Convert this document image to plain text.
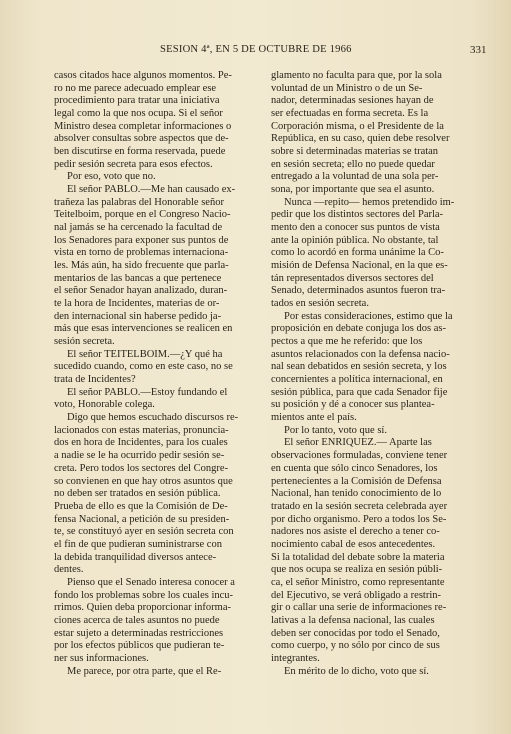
SESION 4ª, EN 5 DE OCTUBRE DE 1966	331
casos citados hace algunos momentos. Pe-
ro no me parece adecuado emplear ese
procedimiento para tratar una iniciativa
legal como la que nos ocupa. Si el señor
Ministro desea completar informaciones o
absolver consultas sobre aspectos que de-
ben discutirse en forma reservada, puede
pedir sesión secreta para esos efectos.
Por eso, voto que no.
El señor PABLO.—Me han causado ex-
trañeza las palabras del Honorable señor
Teitelboim, porque en el Congreso Nacio-
nal jamás se ha cercenado la facultad de
los Senadores para exponer sus puntos de
vista en torno de problemas internaciona-
les. Más aún, ha sido frecuente que parla-
mentarios de las bancas a que pertenece
el señor Senador hayan analizado, duran-
te la hora de Incidentes, materias de or-
den internacional sin haberse pedido ja-
más que esas intervenciones se realicen en
sesión secreta.
El señor TEITELBOIM.—¿Y qué ha
sucedido cuando, como en este caso, no se
trata de Incidentes?
El señor PABLO.—Estoy fundando el
voto, Honorable colega.
Digo que hemos escuchado discursos re-
lacionados con estas materias, pronuncia-
dos en hora de Incidentes, para los cuales
a nadie se le ha ocurrido pedir sesión se-
creta. Pero todos los sectores del Congre-
so convienen en que hay otros asuntos que
no deben ser tratados en sesión pública.
Prueba de ello es que la Comisión de De-
fensa Nacional, a petición de su presiden-
te, se constituyó ayer en sesión secreta con
el fin de que pudieran suministrarse con
la debida tranquilidad diversos antece-
dentes.
Pienso que el Senado interesa conocer a
fondo los problemas sobre los cuales incu-
rrimos. Quien deba proporcionar informa-
ciones acerca de tales asuntos no puede
estar sujeto a determinadas restricciones
por los efectos públicos que pudieran te-
ner sus informaciones.
Me parece, por otra parte, que el Re-
glamento no faculta para que, por la sola
voluntad de un Ministro o de un Se-
nador, determinadas sesiones hayan de
ser efectuadas en forma secreta. Es la
Corporación misma, o el Presidente de la
República, en su caso, quien debe resolver
sobre si determinadas materias se tratan
en sesión secreta; ello no puede quedar
entregado a la voluntad de una sola per-
sona, por importante que sea el asunto.
Nunca —repito— hemos pretendido im-
pedir que los distintos sectores del Parla-
mento den a conocer sus puntos de vista
ante la opinión pública. No obstante, tal
como lo acordó en forma unánime la Co-
misión de Defensa Nacional, en la que es-
tán representados diversos sectores del
Senado, determinados asuntos fueron tra-
tados en sesión secreta.
Por estas consideraciones, estimo que la
proposición en debate conjuga los dos as-
pectos a que me he referido: que los
asuntos relacionados con la defensa nacio-
nal sean debatidos en sesión secreta, y los
concernientes a política internacional, en
sesión pública, para que cada Senador fije
su posición y dé a conocer sus plantea-
mientos ante el país.
Por lo tanto, voto que sí.
El señor ENRIQUEZ.— Aparte las
observaciones formuladas, conviene tener
en cuenta que sólo cinco Senadores, los
pertenecientes a la Comisión de Defensa
Nacional, han tenido conocimiento de lo
tratado en la sesión secreta celebrada ayer
por dicho organismo. Pero a todos los Se-
nadores nos asiste el derecho a tener co-
nocimiento cabal de esos antecedentes.
Si la totalidad del debate sobre la materia
que nos ocupa se realiza en sesión públi-
ca, el señor Ministro, como representante
del Ejecutivo, se verá obligado a restrin-
gir o callar una serie de informaciones re-
lativas a la defensa nacional, las cuales
deben ser conocidas por todo el Senado,
como cuerpo, y no sólo por cinco de sus
integrantes.
En mérito de lo dicho, voto que sí.
